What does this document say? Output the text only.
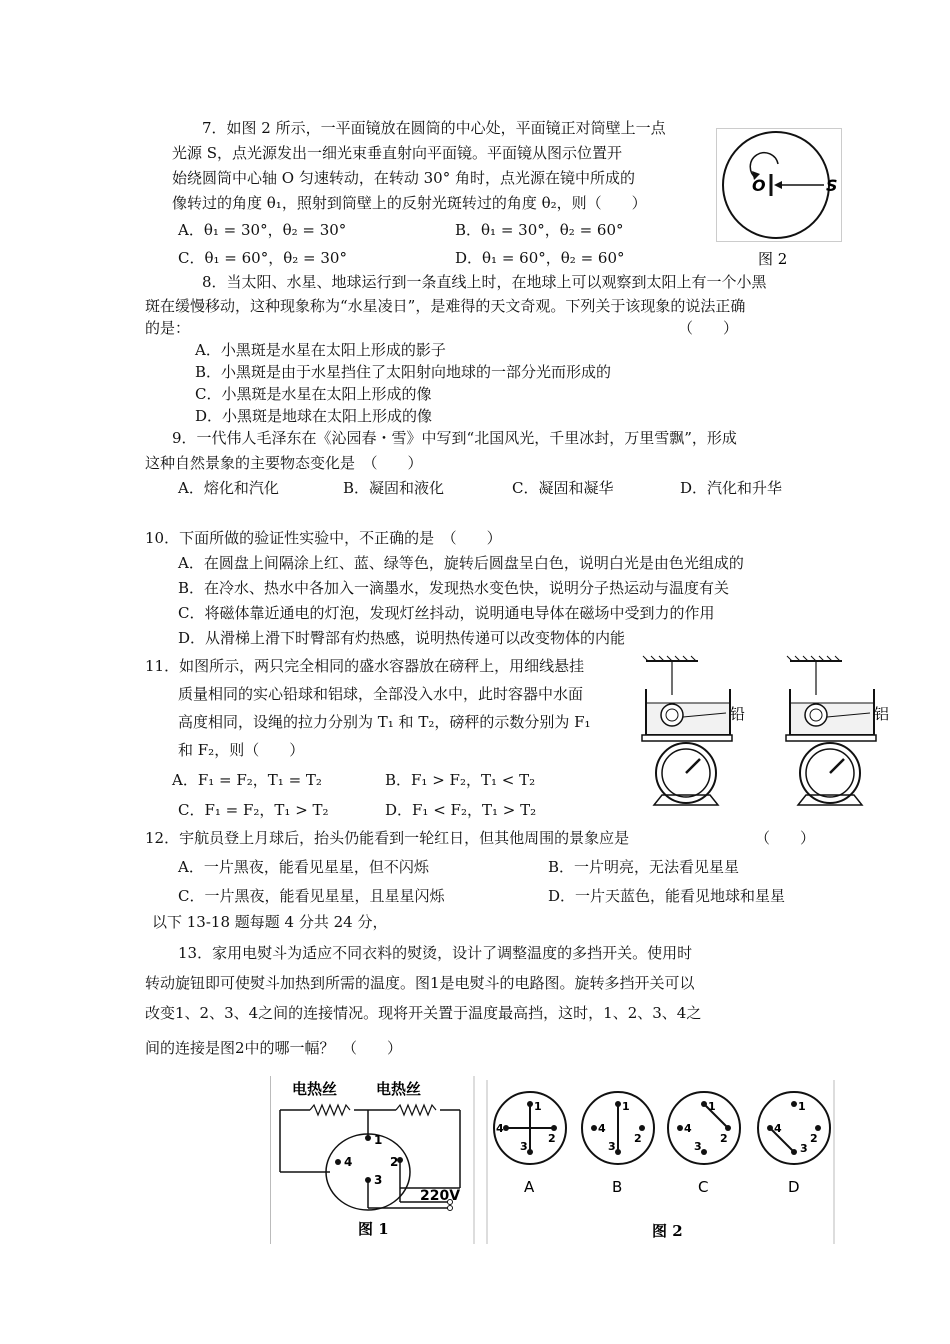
7．如图 2 所示，一平面镜放在圆筒的中心处，平面镜正对筒壁上一点
光源 S，点光源发出一细光束垂直射向平面镜。平面镜从图示位置开
始绕圆筒中心轴 O 匀速转动，在转动 30° 角时，点光源在镜中所成的
像转过的角度 θ₁，照射到筒壁上的反射光斑转过的角度 θ₂，则（　　）
A．θ₁ = 30°，θ₂ = 30°	B．θ₁ = 30°，θ₂ = 60°
C．θ₁ = 60°，θ₂ = 30°	D．θ₁ = 60°，θ₂ = 60°
O	S
图 2
8．当太阳、水星、地球运行到一条直线上时，在地球上可以观察到太阳上有一个小黑
斑在缓慢移动，这种现象称为“水星凌日”，是难得的天文奇观。下列关于该现象的说法正确
的是：	（　　）
A．小黑斑是水星在太阳上形成的影子
B．小黑斑是由于水星挡住了太阳射向地球的一部分光而形成的
C．小黑斑是水星在太阳上形成的像
D．小黑斑是地球在太阳上形成的像
9．一代伟人毛泽东在《沁园春・雪》中写到“北国风光，千里冰封，万里雪飘”，形成
这种自然景象的主要物态变化是　（　　）
A．熔化和汽化	B．凝固和液化	C．凝固和凝华	D．汽化和升华
10．下面所做的验证性实验中，不正确的是　（　　）
A．在圆盘上间隔涂上红、蓝、绿等色，旋转后圆盘呈白色，说明白光是由色光组成的
B．在冷水、热水中各加入一滴墨水，发现热水变色快，说明分子热运动与温度有关
C．将磁体靠近通电的灯泡，发现灯丝抖动，说明通电导体在磁场中受到力的作用
D．从滑梯上滑下时臀部有灼热感，说明热传递可以改变物体的内能
11．如图所示，两只完全相同的盛水容器放在磅秤上，用细线悬挂
质量相同的实心铅球和铝球，全部没入水中，此时容器中水面
高度相同，设绳的拉力分别为 T₁ 和 T₂，磅秤的示数分别为 F₁
和 F₂，则（　　）
A．F₁ = F₂，T₁ = T₂	B．F₁ > F₂，T₁ < T₂
C．F₁ = F₂，T₁ > T₂	D．F₁ < F₂，T₁ > T₂
铅	铝
12．宇航员登上月球后，抬头仍能看到一轮红日，但其他周围的景象应是	（　　）
A．一片黑夜，能看见星星，但不闪烁	B．一片明亮，无法看见星星
C．一片黑夜，能看见星星，且星星闪烁	D．一片天蓝色，能看见地球和星星
以下 13-18 题每题 4 分共 24 分，
13．家用电熨斗为适应不同衣料的熨烫，设计了调整温度的多挡开关。使用时
转动旋钮即可使熨斗加热到所需的温度。图1是电熨斗的电路图。旋转多挡开关可以
改变1、2、3、4之间的连接情况。现将开关置于温度最高挡，这时，1、2、3、4之
间的连接是图2中的哪一幅？　（　　）
电热丝	电热丝
1
4	2
3
220V
图 1
1
4
2
3
A
1
4
2
3
B
1
4
2
3
C
1
4
2
3
D
图 2
